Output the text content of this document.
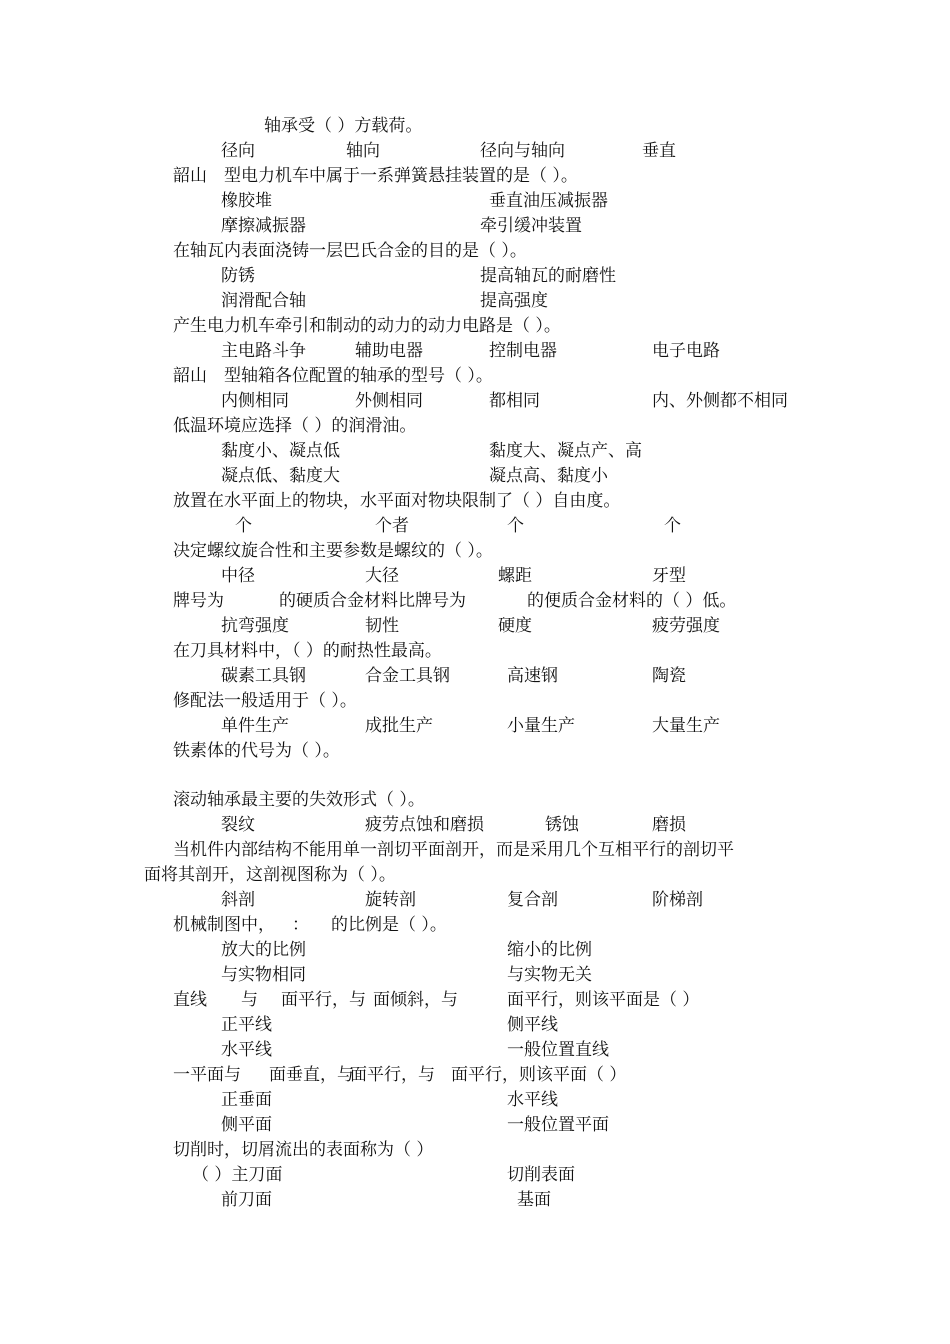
轴承受（ ）方载荷。
径向	轴向	径向与轴向	垂直
韶山　型电力机车中属于一系弹簧悬挂装置的是（ ）。
橡胶堆	垂直油压减振器
摩擦减振器	牵引缓冲装置
在轴瓦内表面浇铸一层巴氏合金的目的是（ ）。
防锈	提高轴瓦的耐磨性
润滑配合轴	提高强度
产生电力机车牵引和制动的动力的动力电路是（ ）。
主电路斗争	辅助电器	控制电器	电子电路
韶山　型轴箱各位配置的轴承的型号（ ）。
内侧相同	外侧相同	都相同	内、外侧都不相同
低温环境应选择（ ）的润滑油。
黏度小、凝点低	黏度大、凝点产、高
凝点低、黏度大	凝点高、黏度小
放置在水平面上的物块，水平面对物块限制了（ ）自由度。
个	个者	个	个
决定螺纹旋合性和主要参数是螺纹的（ ）。
中径	大径	螺距	牙型
牌号为	的硬质合金材料比牌号为	的便质合金材料的（ ）低。
抗弯强度	韧性	硬度	疲劳强度
在刀具材料中，（ ）的耐热性最高。
碳素工具钢	合金工具钢	高速钢	陶瓷
修配法一般适用于（ ）。
单件生产	成批生产	小量生产	大量生产
铁素体的代号为（ ）。
滚动轴承最主要的失效形式（ ）。
裂纹	疲劳点蚀和磨损	锈蚀	磨损
当机件内部结构不能用单一剖切平面剖开，而是采用几个互相平行的剖切平
面将其剖开，这剖视图称为（ ）。
斜剖	旋转剖	复合剖	阶梯剖
机械制图中， ： 的比例是（ ）。
放大的比例	缩小的比例
与实物相同	与实物无关
直线 与 面平行，与 面倾斜，与	面平行，则该平面是（ ）
正平线	侧平线
水平线	一般位置直线
一平面与 面垂直，与
面平行，与 面平行，则该平面（ ）
正垂面	水平线
侧平面	一般位置平面
切削时，切屑流出的表面称为（ ）
（ ）主刀面	切削表面
前刀面	基面
